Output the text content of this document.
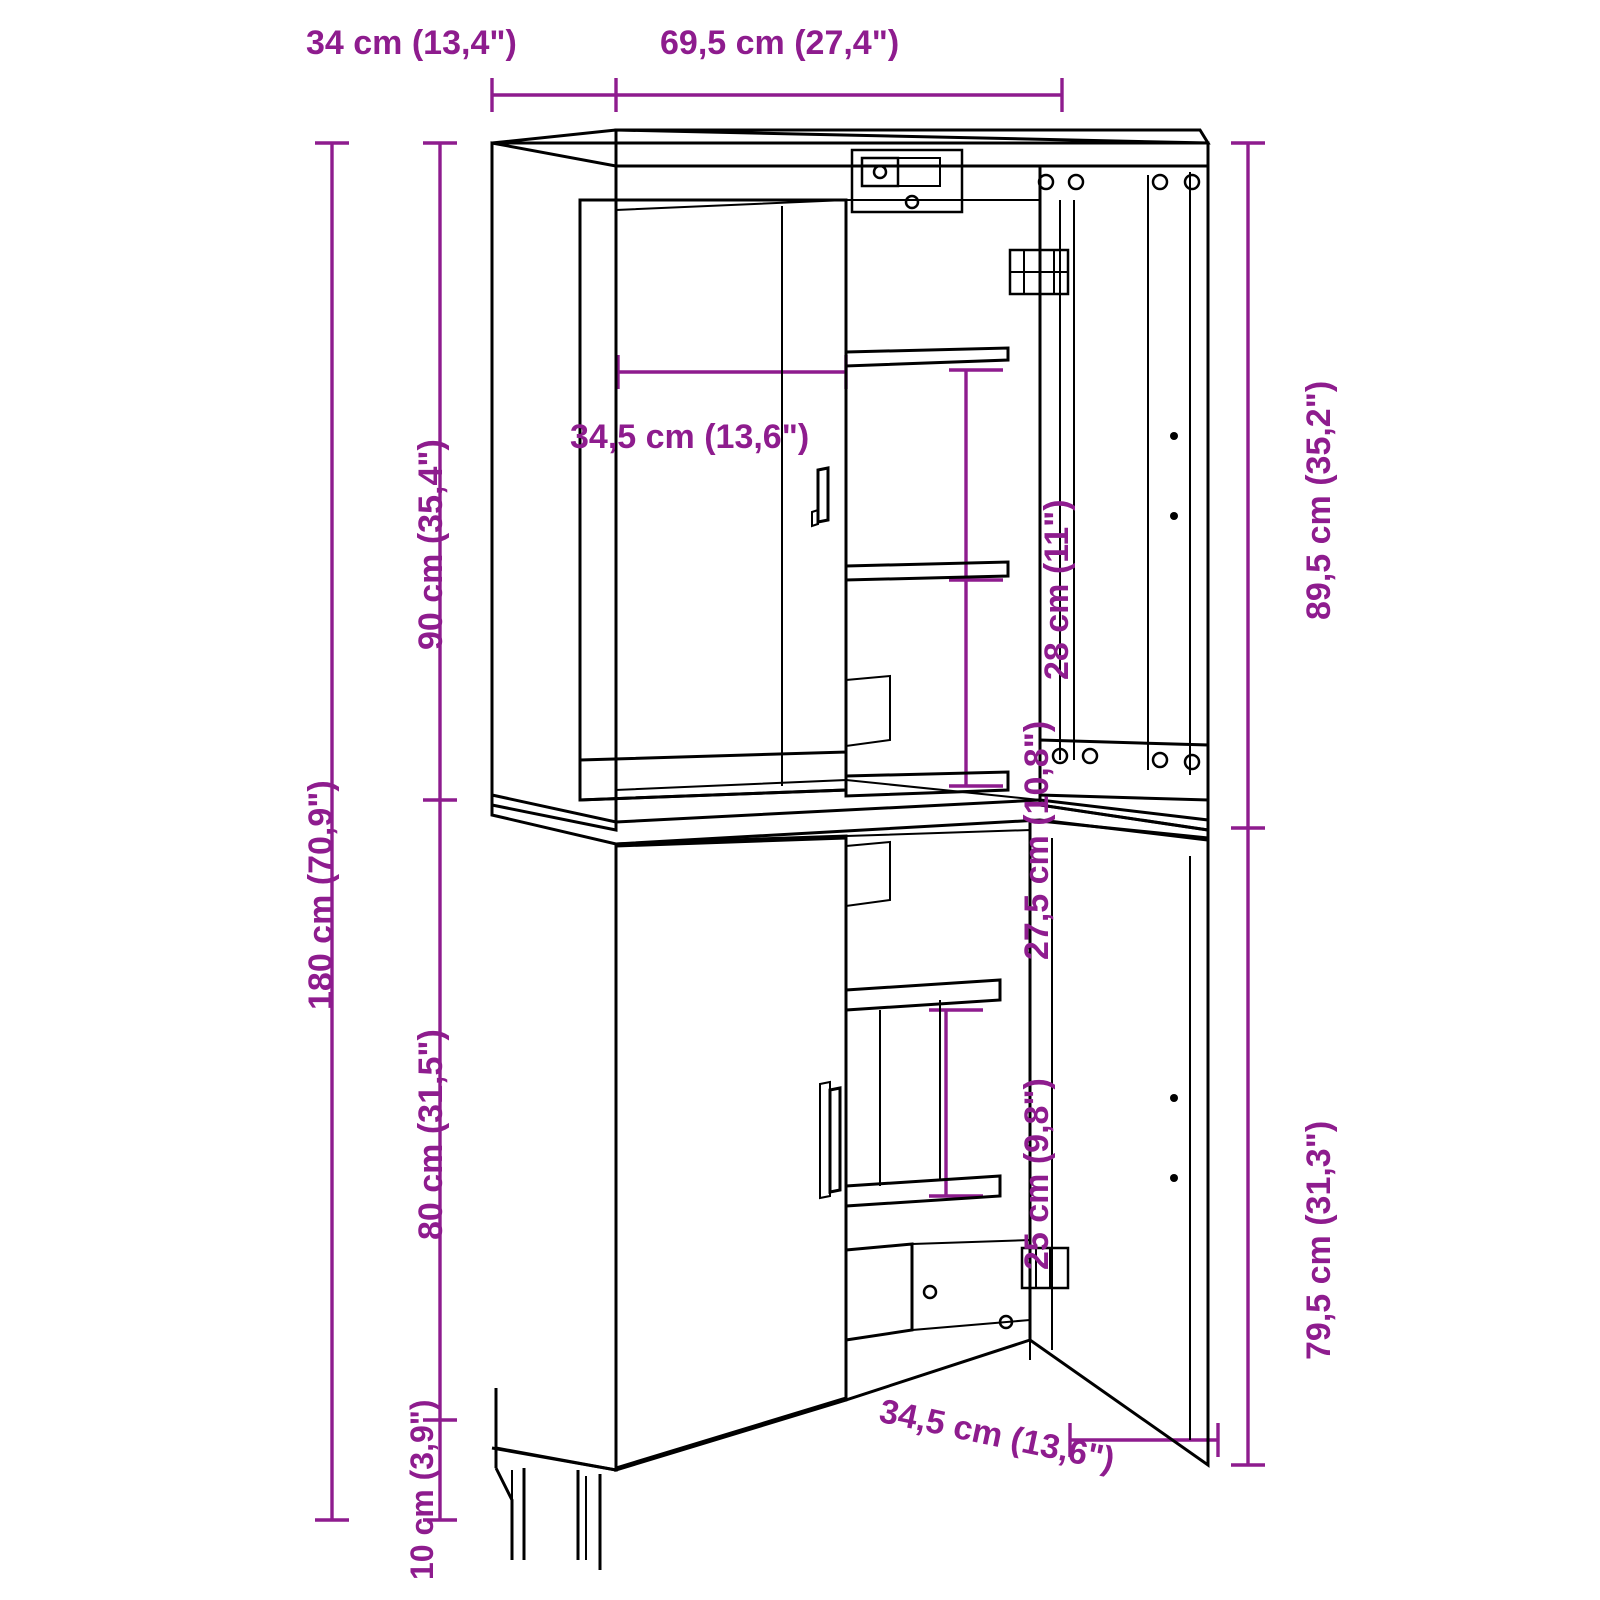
34 cm (13,4")	69,5 cm (27,4")
90 cm (35,4")
180 cm (70,9")
80 cm (31,5")
10 cm (3,9")
34,5 cm (13,6")
28 cm (11")
27,5 cm (10,8")
25 cm (9,8")
89,5 cm (35,2")
79,5 cm (31,3")
34,5 cm (13,6")
